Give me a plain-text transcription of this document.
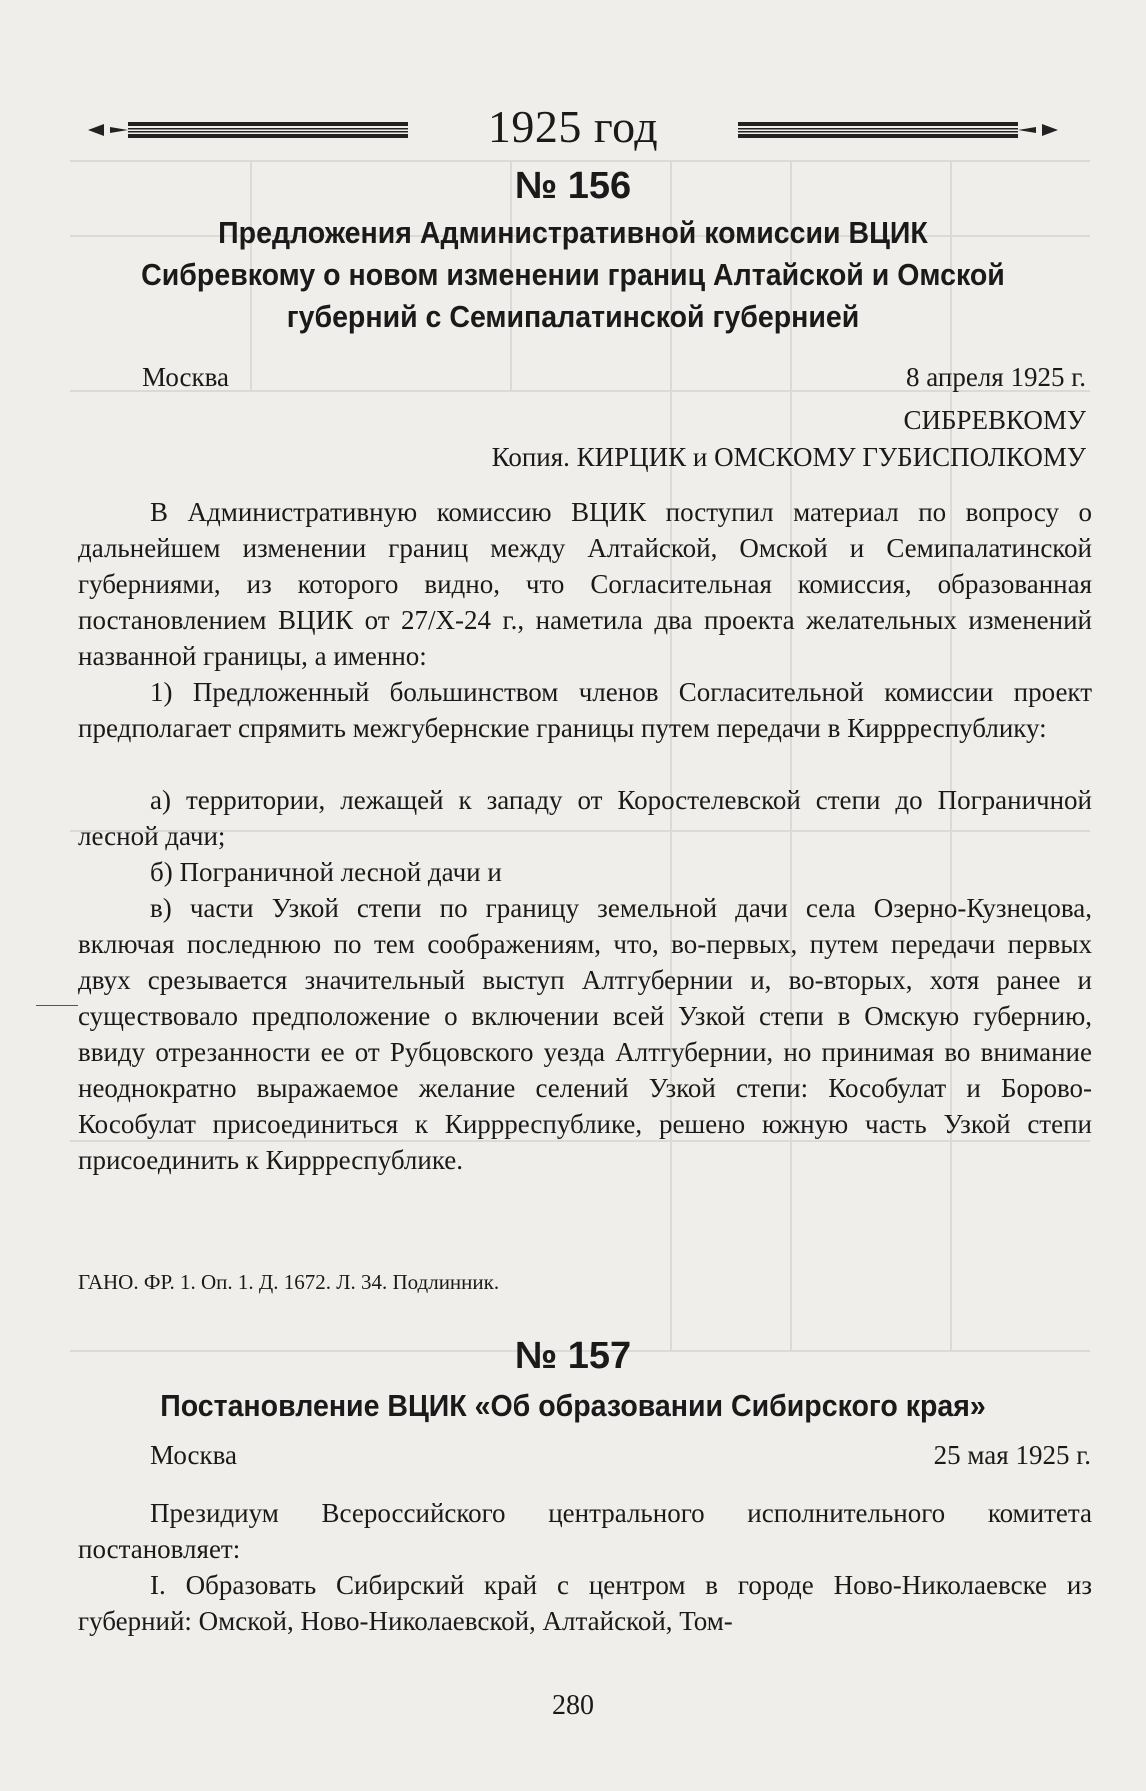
1925 год
№ 156
Предложения Административной комиссии ВЦИК Сибревкому о новом изменении границ Алтайской и Омской губерний с Семипалатинской губернией
Москва	8 апреля 1925 г.
СИБРЕВКОМУ
Копия. КИРЦИК и ОМСКОМУ ГУБИСПОЛКОМУ
В Административную комиссию ВЦИК поступил материал по вопросу о дальнейшем изменении границ между Алтайской, Омской и Семипалатинской губерниями, из которого видно, что Согласительная комиссия, образованная постановлением ВЦИК от 27/X-24 г., наметила два проекта желательных изменений названной границы, а именно:
1) Предложенный большинством членов Согласительной комиссии проект предполагает спрямить межгубернские границы путем передачи в Киррреспублику:
а) территории, лежащей к западу от Коростелевской степи до Пограничной лесной дачи;
б) Пограничной лесной дачи и
в) части Узкой степи по границу земельной дачи села Озерно-Кузнецова, включая последнюю по тем соображениям, что, во-первых, путем передачи первых двух срезывается значительный выступ Алтгубернии и, во-вторых, хотя ранее и существовало предположение о включении всей Узкой степи в Омскую губернию, ввиду отрезанности ее от Рубцовского уезда Алтгубернии, но принимая во внимание неоднократно выражаемое желание селений Узкой степи: Кособулат и Борово-Кособулат присоединиться к Киррреспублике, решено южную часть Узкой степи присоединить к Киррреспублике.
ГАНО. ФР. 1. Оп. 1. Д. 1672. Л. 34. Подлинник.
№ 157
Постановление ВЦИК «Об образовании Сибирского края»
Москва	25 мая 1925 г.
Президиум Всероссийского центрального исполнительного комитета постановляет:
I. Образовать Сибирский край с центром в городе Ново-Николаевске из губерний: Омской, Ново-Николаевской, Алтайской, Том-
280
